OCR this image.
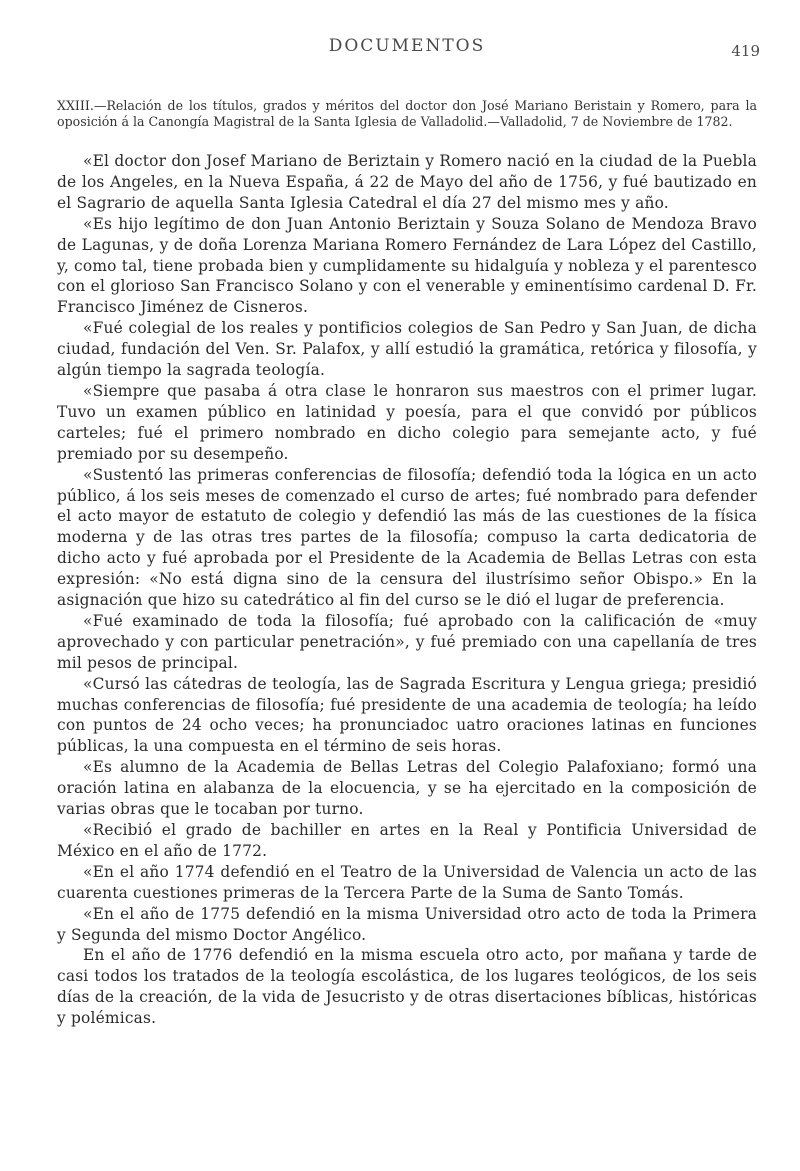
DOCUMENTOS	419
XXIII.—Relación de los títulos, grados y méritos del doctor don José Mariano Beristain y Romero, para la oposición á la Canongía Magistral de la Santa Iglesia de Valladolid.—Valladolid, 7 de Noviembre de 1782.

«El doctor don Josef Mariano de Beriztain y Romero nació en la ciudad de la Puebla de los Angeles, en la Nueva España, á 22 de Mayo del año de 1756, y fué bautizado en el Sagrario de aquella Santa Iglesia Catedral el día 27 del mismo mes y año.

«Es hijo legítimo de don Juan Antonio Beriztain y Souza Solano de Mendoza Bravo de Lagunas, y de doña Lorenza Mariana Romero Fernández de Lara López del Castillo, y, como tal, tiene probada bien y cumplidamente su hidalguía y nobleza y el parentesco con el glorioso San Francisco Solano y con el venerable y eminentísimo cardenal D. Fr. Francisco Jiménez de Cisneros.

«Fué colegial de los reales y pontificios colegios de San Pedro y San Juan, de dicha ciudad, fundación del Ven. Sr. Palafox, y allí estudió la gramática, retórica y filosofía, y algún tiempo la sagrada teología.

«Siempre que pasaba á otra clase le honraron sus maestros con el primer lugar. Tuvo un examen público en latinidad y poesía, para el que convidó por públicos carteles; fué el primero nombrado en dicho colegio para semejante acto, y fué premiado por su desempeño.

«Sustentó las primeras conferencias de filosofía; defendió toda la lógica en un acto público, á los seis meses de comenzado el curso de artes; fué nombrado para defender el acto mayor de estatuto de colegio y defendió las más de las cuestiones de la física moderna y de las otras tres partes de la filosofía; compuso la carta dedicatoria de dicho acto y fué aprobada por el Presidente de la Academia de Bellas Letras con esta expresión: «No está digna sino de la censura del ilustrísimo señor Obispo.» En la asignación que hizo su catedrático al fin del curso se le dió el lugar de preferencia.

«Fué examinado de toda la filosofía; fué aprobado con la calificación de «muy aprovechado y con particular penetración», y fué premiado con una capellanía de tres mil pesos de principal.

«Cursó las cátedras de teología, las de Sagrada Escritura y Lengua griega; presidió muchas conferencias de filosofía; fué presidente de una academia de teología; ha leído con puntos de 24 ocho veces; ha pronunciadoc uatro oraciones latinas en funciones públicas, la una compuesta en el término de seis horas.

«Es alumno de la Academia de Bellas Letras del Colegio Palafoxiano; formó una oración latina en alabanza de la elocuencia, y se ha ejercitado en la composición de varias obras que le tocaban por turno.

«Recibió el grado de bachiller en artes en la Real y Pontificia Universidad de México en el año de 1772.

«En el año 1774 defendió en el Teatro de la Universidad de Valencia un acto de las cuarenta cuestiones primeras de la Tercera Parte de la Suma de Santo Tomás.

«En el año de 1775 defendió en la misma Universidad otro acto de toda la Primera y Segunda del mismo Doctor Angélico.

En el año de 1776 defendió en la misma escuela otro acto, por mañana y tarde de casi todos los tratados de la teología escolástica, de los lugares teológicos, de los seis días de la creación, de la vida de Jesucristo y de otras disertaciones bíblicas, históricas y polémicas.
